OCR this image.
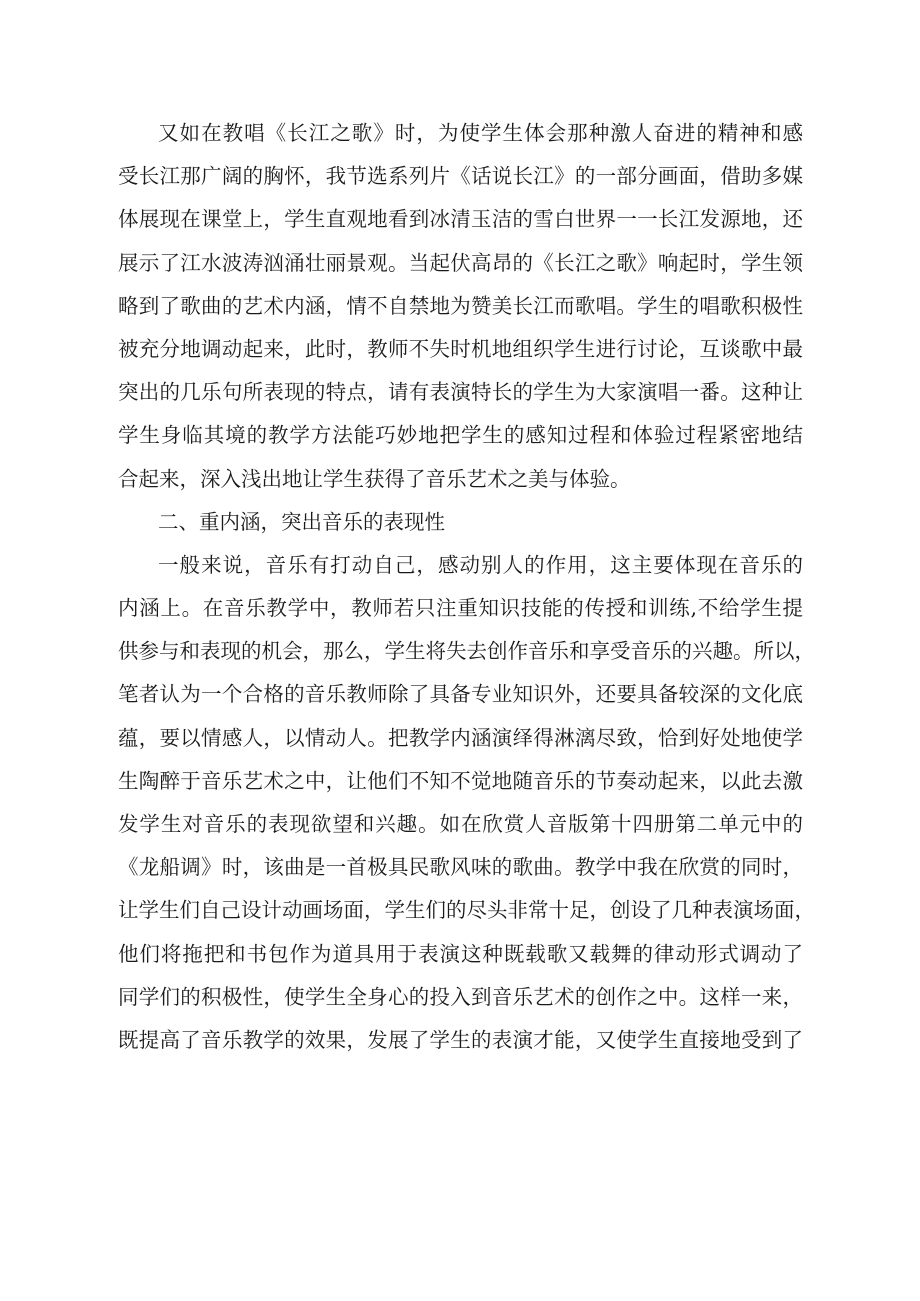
又如在教唱《长江之歌》时，为使学生体会那种激人奋进的精神和感
受长江那广阔的胸怀，我节选系列片《话说长江》的一部分画面，借助多媒
体展现在课堂上，学生直观地看到冰清玉洁的雪白世界一一长江发源地，还
展示了江水波涛汹涌壮丽景观。当起伏高昂的《长江之歌》响起时，学生领
略到了歌曲的艺术内涵，情不自禁地为赞美长江而歌唱。学生的唱歌积极性
被充分地调动起来，此时，教师不失时机地组织学生进行讨论，互谈歌中最
突出的几乐句所表现的特点，请有表演特长的学生为大家演唱一番。这种让
学生身临其境的教学方法能巧妙地把学生的感知过程和体验过程紧密地结
合起来，深入浅出地让学生获得了音乐艺术之美与体验。
二、重内涵，突出音乐的表现性
一般来说，音乐有打动自己，感动别人的作用，这主要体现在音乐的
内涵上。在音乐教学中，教师若只注重知识技能的传授和训练,不给学生提
供参与和表现的机会，那么，学生将失去创作音乐和享受音乐的兴趣。所以，
笔者认为一个合格的音乐教师除了具备专业知识外，还要具备较深的文化底
蕴，要以情感人，以情动人。把教学内涵演绎得淋漓尽致，恰到好处地使学
生陶醉于音乐艺术之中，让他们不知不觉地随音乐的节奏动起来，以此去激
发学生对音乐的表现欲望和兴趣。如在欣赏人音版第十四册第二单元中的
《龙船调》时，该曲是一首极具民歌风味的歌曲。教学中我在欣赏的同时，
让学生们自己设计动画场面，学生们的尽头非常十足，创设了几种表演场面，
他们将拖把和书包作为道具用于表演这种既载歌又载舞的律动形式调动了
同学们的积极性，使学生全身心的投入到音乐艺术的创作之中。这样一来，
既提高了音乐教学的效果，发展了学生的表演才能，又使学生直接地受到了
